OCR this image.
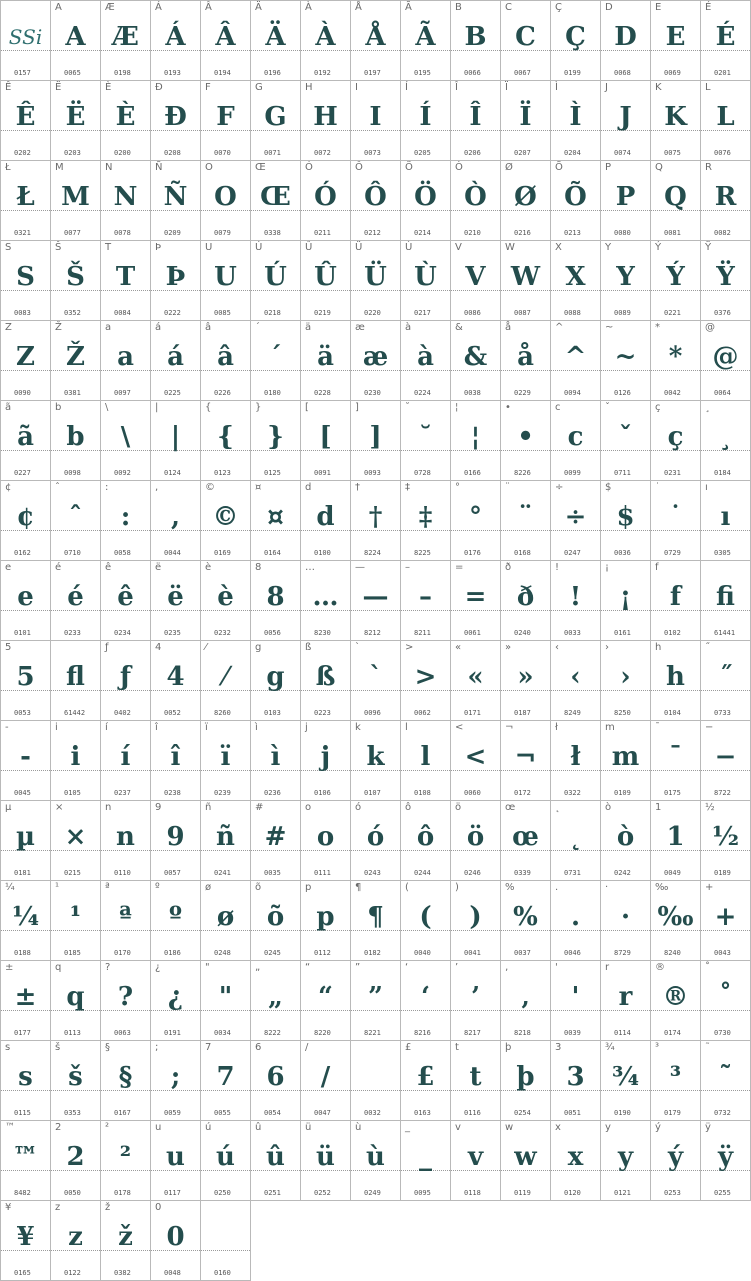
SSi
0157
A
A
0065
Æ
Æ
0198
Á
Á
0193
Â
Â
0194
Ä
Ä
0196
À
À
0192
Å
Å
0197
Ã
Ã
0195
B
B
0066
C
C
0067
Ç
Ç
0199
D
D
0068
E
E
0069
É
É
0201
Ê
Ê
0202
Ë
Ë
0203
È
È
0200
Ð
Ð
0208
F
F
0070
G
G
0071
H
H
0072
I
I
0073
Í
Í
0205
Î
Î
0206
Ï
Ï
0207
Ì
Ì
0204
J
J
0074
K
K
0075
L
L
0076
Ł
Ł
0321
M
M
0077
N
N
0078
Ñ
Ñ
0209
O
O
0079
Œ
Œ
0338
Ó
Ó
0211
Ô
Ô
0212
Ö
Ö
0214
Ò
Ò
0210
Ø
Ø
0216
Õ
Õ
0213
P
P
0080
Q
Q
0081
R
R
0082
S
S
0083
Š
Š
0352
T
T
0084
Þ
Þ
0222
U
U
0085
Ú
Ú
0218
Û
Û
0219
Ü
Ü
0220
Ù
Ù
0217
V
V
0086
W
W
0087
X
X
0088
Y
Y
0089
Ý
Ý
0221
Ÿ
Ÿ
0376
Z
Z
0090
Ž
Ž
0381
a
a
0097
á
á
0225
â
â
0226
´
´
0180
ä
ä
0228
æ
æ
0230
à
à
0224
&
&
0038
å
å
0229
^
^
0094
~
~
0126
*
*
0042
@
@
0064
ã
ã
0227
b
b
0098
\
\
0092
|
|
0124
{
{
0123
}
}
0125
[
[
0091
]
]
0093
˘
˘
0728
¦
¦
0166
•
•
8226
c
c
0099
ˇ
ˇ
0711
ç
ç
0231
¸
¸
0184
¢
¢
0162
ˆ
ˆ
0710
:
:
0058
,
,
0044
©
©
0169
¤
¤
0164
d
d
0100
†
†
8224
‡
‡
8225
°
°
0176
¨
¨
0168
÷
÷
0247
$
$
0036
˙
˙
0729
ı
ı
0305
e
e
0101
é
é
0233
ê
ê
0234
ë
ë
0235
è
è
0232
8
8
0056
…
…
8230
—
—
8212
–
–
8211
=
=
0061
ð
ð
0240
!
!
0033
¡
¡
0161
f
f
0102
fi
61441
5
5
0053
fl
61442
ƒ
ƒ
0402
4
4
0052
⁄
⁄
8260
g
g
0103
ß
ß
0223
`
`
0096
>
>
0062
«
«
0171
»
»
0187
‹
‹
8249
›
›
8250
h
h
0104
˝
˝
0733
-
-
0045
i
i
0105
í
í
0237
î
î
0238
ï
ï
0239
ì
ì
0236
j
j
0106
k
k
0107
l
l
0108
<
<
0060
¬
¬
0172
ł
ł
0322
m
m
0109
¯
¯
0175
−
−
8722
µ
µ
0181
×
×
0215
n
n
0110
9
9
0057
ñ
ñ
0241
#
#
0035
o
o
0111
ó
ó
0243
ô
ô
0244
ö
ö
0246
œ
œ
0339
˛
˛
0731
ò
ò
0242
1
1
0049
½
½
0189
¼
¼
0188
¹
¹
0185
ª
ª
0170
º
º
0186
ø
ø
0248
õ
õ
0245
p
p
0112
¶
¶
0182
(
(
0040
)
)
0041
%
%
0037
.
.
0046
·
·
8729
‰
‰
8240
+
+
0043
±
±
0177
q
q
0113
?
?
0063
¿
¿
0191
"
"
0034
„
„
8222
“
“
8220
”
”
8221
‘
‘
8216
’
’
8217
‚
‚
8218
'
'
0039
r
r
0114
®
®
0174
˚
˚
0730
s
s
0115
š
š
0353
§
§
0167
;
;
0059
7
7
0055
6
6
0054
/
/
0047	0032
£
£
0163
t
t
0116
þ
þ
0254
3
3
0051
¾
¾
0190
³
³
0179
˜
˜
0732
™
™
8482
2
2
0050
²
²
0178
u
u
0117
ú
ú
0250
û
û
0251
ü
ü
0252
ù
ù
0249
_
_
0095
v
v
0118
w
w
0119
x
x
0120
y
y
0121
ý
ý
0253
ÿ
ÿ
0255
¥
¥
0165
z
z
0122
ž
ž
0382
0
0
0048	0160
